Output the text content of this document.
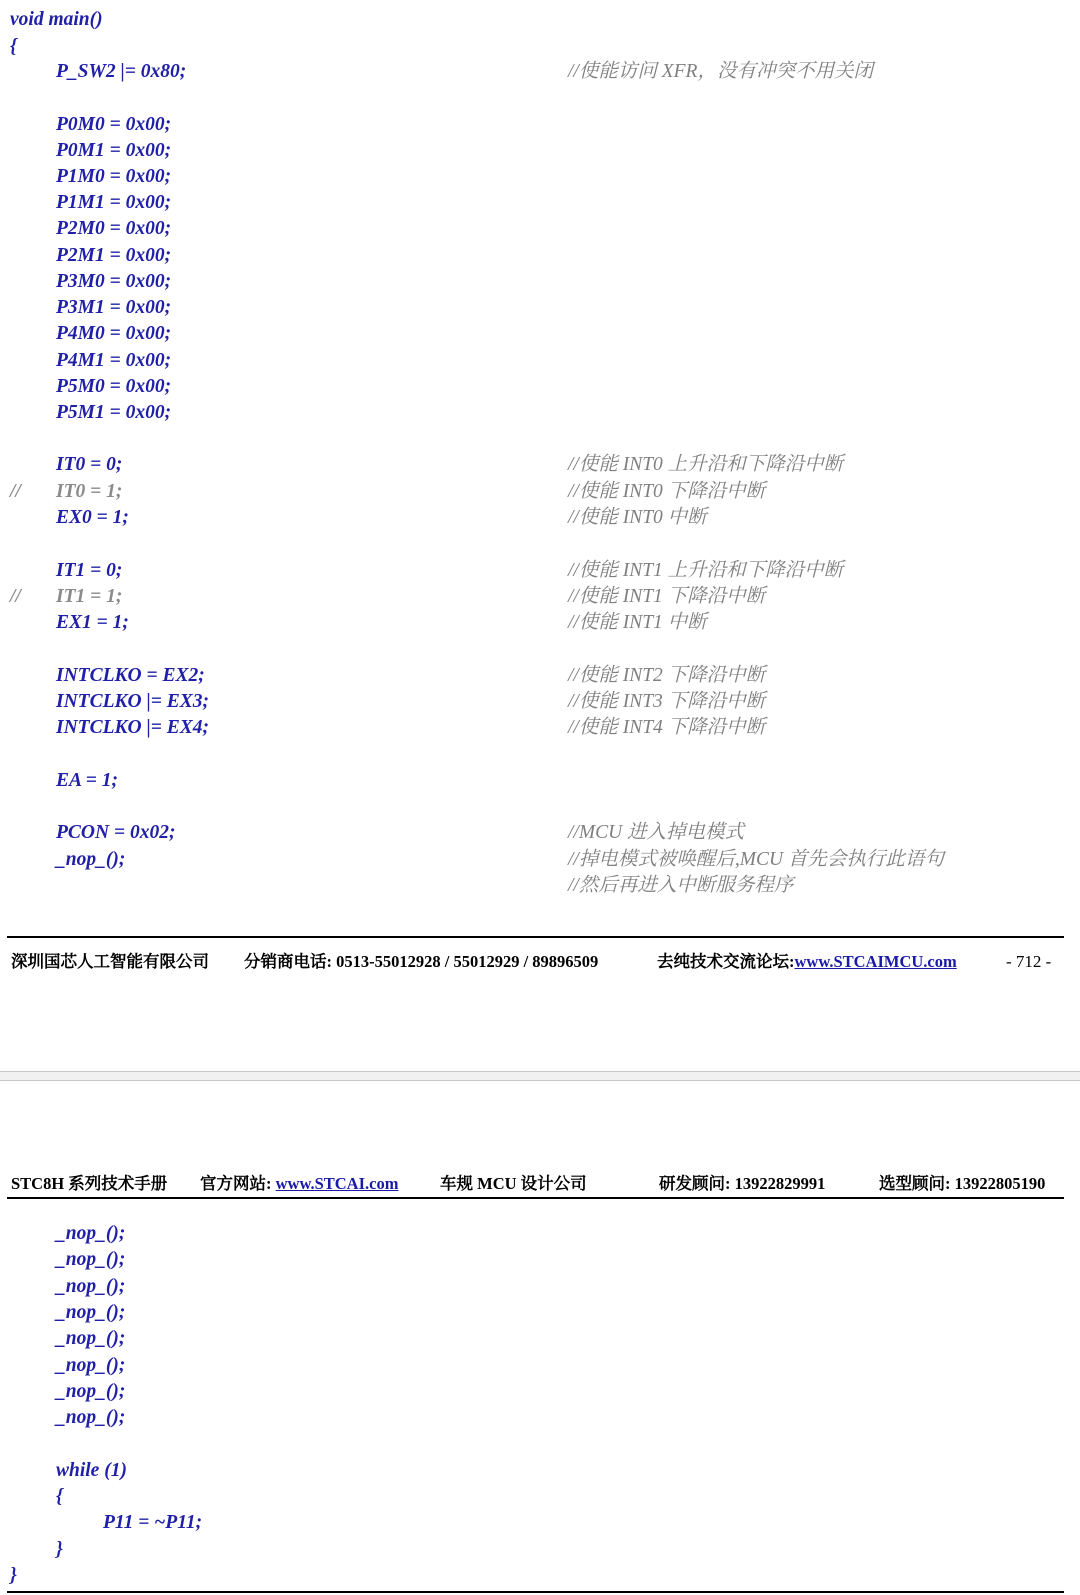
void main()
{
P_SW2 |= 0x80;	//使能访问 XFR，没有冲突不用关闭
P0M0 = 0x00;
P0M1 = 0x00;
P1M0 = 0x00;
P1M1 = 0x00;
P2M0 = 0x00;
P2M1 = 0x00;
P3M0 = 0x00;
P3M1 = 0x00;
P4M0 = 0x00;
P4M1 = 0x00;
P5M0 = 0x00;
P5M1 = 0x00;
IT0 = 0;	//使能 INT0 上升沿和下降沿中断
// IT0 = 1;	//使能 INT0 下降沿中断
EX0 = 1;	//使能 INT0 中断
IT1 = 0;	//使能 INT1 上升沿和下降沿中断
// IT1 = 1;	//使能 INT1 下降沿中断
EX1 = 1;	//使能 INT1 中断
INTCLKO = EX2;	//使能 INT2 下降沿中断
INTCLKO |= EX3;	//使能 INT3 下降沿中断
INTCLKO |= EX4;	//使能 INT4 下降沿中断
EA = 1;
PCON = 0x02;	//MCU 进入掉电模式
_nop_();	//掉电模式被唤醒后,MCU 首先会执行此语句
//然后再进入中断服务程序
深圳国芯人工智能有限公司 分销商电话: 0513-55012928 / 55012929 / 89896509	去纯技术交流论坛:www.STCAIMCU.com	- 712 -
STC8H 系列技术手册 官方网站: www.STCAI.com	车规 MCU 设计公司	研发顾问: 13922829991	选型顾问: 13922805190
_nop_();
_nop_();
_nop_();
_nop_();
_nop_();
_nop_();
_nop_();
_nop_();
while (1)
{
P11 = ~P11;
}
}
